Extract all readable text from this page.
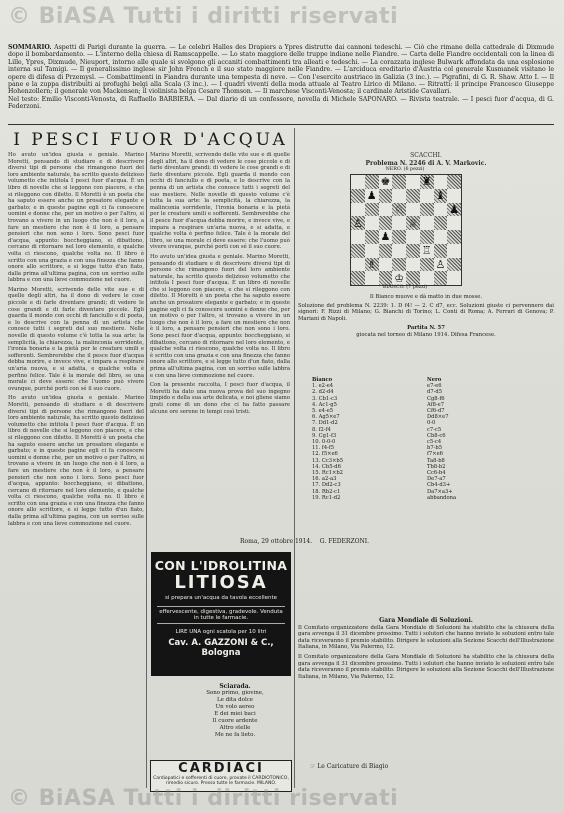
© BiASA Tutti i diritti riservati
SOMMARIO. Aspetti di Parigi durante la guerra. — Le celebri Halles des Drapiers a Ypres distrutte dai cannoni tedeschi. — Ciò che rimane della cattedrale di Dixmude dopo il bombardamento. — L'interno della chiesa di Ramscappelle. — Lo stato maggiore delle truppe indiane nelle Fiandre. — Carta delle Fiandre occidentali con la linea di Lille, Ypres, Dixmude, Nieuport, intorno alle quale si svolgono gli accaniti combattimenti tra alleati e tedeschi. — La corazzata inglese Bulwark affondata da una esplosione interna sul Tamigi. — Il generalissimo inglese sir John French e il suo stato maggiore nelle Fiandre. — L'arciduca ereditario d'Austria col generale Kusmanek visitano le opere di difesa di Przemysl. — Combattimenti in Fiandra durante una tempesta di neve. — Con l'esercito austriaco in Galizia (3 inc.). — Pigrafini, di G. R. Shaw. Atto I. — Il pane e la zuppa distribuiti ai profughi belgi alla Scala (3 inc.). — I quadri viventi della moda attuale al Teatro Lirico di Milano. — Ritratti: il principe Francesco Giuseppe Hohenzollern; il generale von Mackensen; il violinista belga Cesare Thomson. — Il marchese Visconti-Venosta; il cardinale Aristide Cavallari.
Nel testo: Emilio Visconti-Venosta, di Raffaello BARBIERA. — Dal diario di un confessore, novella di Michele SAPONARO. — Rivista teatrale. — I pesci fuor d'acqua, di G. Federzoni.
I PESCI FUOR D'ACQUA
Ho avuto un'idea giusta e geniale. Marino Moretti, pensando di studiare e di descrivere diversi tipi di persone che rimangono fuori del loro ambiente naturale, ha scritto questo delizioso volumetto che intitola I pesci fuor d'acqua. È un libro di novelle che si leggono con piacere, e che si rileggono con diletto. Il Moretti è un poeta che ha saputo essere anche un prosatore elegante e garbato; e in queste pagine egli ci fa conoscere uomini e donne che, per un motivo o per l'altro, si trovano a vivere in un luogo che non è il loro, a fare un mestiere che non è il loro, a pensare pensieri che non sono i loro. Sono pesci fuor d'acqua, appunto: boccheggiano, si dibattono, cercano di ritornare nel loro elemento, e qualche volta ci riescono, qualche volta no. Il libro è scritto con una grazia e con una finezza che fanno onore allo scrittore, e si legge tutto d'un fiato, dalla prima all'ultima pagina, con un sorriso sulle labbra e con una lieve commozione nel cuore.
Marino Moretti, scrivendo delle vite sue e di quelle degli altri, ha il dono di vedere le cose piccole e di farle diventare grandi; di vedere le cose grandi e di farle diventare piccole. Egli guarda il mondo con occhi di fanciullo e di poeta, e lo descrive con la penna di un artista che conosce tutti i segreti del suo mestiere. Nelle novelle di questo volume c'è tutta la sua arte: la semplicità, la chiarezza, la malinconia sorridente, l'ironia bonaria e la pietà per le creature umili e sofferenti. Sembrerebbe che il pesce fuor d'acqua debba morire, e invece vive, e impara a respirare un'aria nuova, e si adatta, e qualche volta è perfino felice. Tale è la morale del libro, se una morale ci deve essere: che l'uomo può vivere ovunque, purché porti con sé il suo cuore.
Ho avuto un'idea giusta e geniale. Marino Moretti, pensando di studiare e di descrivere diversi tipi di persone che rimangono fuori del loro ambiente naturale, ha scritto questo delizioso volumetto che intitola I pesci fuor d'acqua. È un libro di novelle che si leggono con piacere, e che si rileggono con diletto. Il Moretti è un poeta che ha saputo essere anche un prosatore elegante e garbato; e in queste pagine egli ci fa conoscere uomini e donne che, per un motivo o per l'altro, si trovano a vivere in un luogo che non è il loro, a fare un mestiere che non è il loro, a pensare pensieri che non sono i loro. Sono pesci fuor d'acqua, appunto: boccheggiano, si dibattono, cercano di ritornare nel loro elemento, e qualche volta ci riescono, qualche volta no. Il libro è scritto con una grazia e con una finezza che fanno onore allo scrittore, e si legge tutto d'un fiato, dalla prima all'ultima pagina, con un sorriso sulle labbra e con una lieve commozione nel cuore.
Marino Moretti, scrivendo delle vite sue e di quelle degli altri, ha il dono di vedere le cose piccole e di farle diventare grandi; di vedere le cose grandi e di farle diventare piccole. Egli guarda il mondo con occhi di fanciullo e di poeta, e lo descrive con la penna di un artista che conosce tutti i segreti del suo mestiere. Nelle novelle di questo volume c'è tutta la sua arte: la semplicità, la chiarezza, la malinconia sorridente, l'ironia bonaria e la pietà per le creature umili e sofferenti. Sembrerebbe che il pesce fuor d'acqua debba morire, e invece vive, e impara a respirare un'aria nuova, e si adatta, e qualche volta è perfino felice. Tale è la morale del libro, se una morale ci deve essere: che l'uomo può vivere ovunque, purché porti con sé il suo cuore.
Ho avuto un'idea giusta e geniale. Marino Moretti, pensando di studiare e di descrivere diversi tipi di persone che rimangono fuori del loro ambiente naturale, ha scritto questo delizioso volumetto che intitola I pesci fuor d'acqua. È un libro di novelle che si leggono con piacere, e che si rileggono con diletto. Il Moretti è un poeta che ha saputo essere anche un prosatore elegante e garbato; e in queste pagine egli ci fa conoscere uomini e donne che, per un motivo o per l'altro, si trovano a vivere in un luogo che non è il loro, a fare un mestiere che non è il loro, a pensare pensieri che non sono i loro. Sono pesci fuor d'acqua, appunto: boccheggiano, si dibattono, cercano di ritornare nel loro elemento, e qualche volta ci riescono, qualche volta no. Il libro è scritto con una grazia e con una finezza che fanno onore allo scrittore, e si legge tutto d'un fiato, dalla prima all'ultima pagina, con un sorriso sulle labbra e con una lieve commozione nel cuore.
Con la presente raccolta, I pesci fuor d'acqua, il Moretti ha dato una nuova prova del suo ingegno limpido e della sua arte delicata, e noi gliene siamo grati come di un dono che ci ha fatto passare alcune ore serene in tempi così tristi.
Roma, 29 ottobre 1914. G. FEDERZONI.
SCACCHI.
Problema N. 2246 di A. V. Markovic.
NERO. (6 pezzi)
♚	♜
♟	♝
♘	♟
♙	♕
♟
♖
♗	♙
♔
BIANCO. (7 pezzi)
Il Bianco muove e dà matto in due mosse.
Soluzione del problema N. 2239: 1. D f4! — 2. C d7, ecc. Soluzioni giuste ci pervennero dai signori: F. Rizzi di Milano; G. Bianchi di Torino; L. Conti di Roma; A. Ferrari di Genova; P. Mariani di Napoli.
Partita N. 57
giocata nel torneo di Milano 1914. Difesa Francese.
Bianco	Nero
1. e2-e4	e7-e6
2. d2-d4	d7-d5
3. Cb1-c3	Cg8-f6
4. Ac1-g5	Af8-e7
5. e4-e5	Cf6-d7
6. Ag5×e7	Dd8×e7
7. Dd1-d2	0-0
8. f2-f4	c7-c5
9. Cg1-f3	Cb8-c6
10. 0-0-0	c5-c4
11. f4-f5	b7-b5
12. f5×e6	f7×e6
13. Cc3×b5	Ta8-b8
14. Cb5-d6	Tb8-b2
15. Rc1×b2	Cc6-b4
16. a2-a3	Dе7-a7
17. Dd2-c3	Cb4-d3+
18. Rb2-c1	Da7×a3+
19. Rc1-d2	abbandona
CON L'IDROLITINA
LITIOSA
si prepara un'acqua da tavola eccellente
effervescente, digestiva, gradevole. Venduta in tutte le farmacie.
LIRE UNA ogni scatola per 10 litri
Cav. A. GAZZONI & C., Bologna
Sciarada.
Sono primo, giovine,
Le dita dolce
Un volo aereo
E dei miei baci
Il cuore ardente
Altro stelle
Me ne fa lieto.
CARDIACI
Cardiopatici e sofferenti di cuore, provate il CARDIOTONICO, rimedio sicuro. Presso tutte le farmacie. MILANO.
Gara Mondiale di Soluzioni.
Il Comitato organizzatore della Gara Mondiale di Soluzioni ha stabilito che la chiusura della gara avvenga il 31 dicembre prossimo. Tutti i solutori che hanno inviato le soluzioni entro tale data riceveranno il premio stabilito. Dirigere le soluzioni alla Sezione Scacchi dell'Illustrazione Italiana, in Milano, Via Palermo, 12.
Il Comitato organizzatore della Gara Mondiale di Soluzioni ha stabilito che la chiusura della gara avvenga il 31 dicembre prossimo. Tutti i solutori che hanno inviato le soluzioni entro tale data riceveranno il premio stabilito. Dirigere le soluzioni alla Sezione Scacchi dell'Illustrazione Italiana, in Milano, Via Palermo, 12.
☞ Le Caricature di Biagio
© BiASA Tutti i diritti riservati
